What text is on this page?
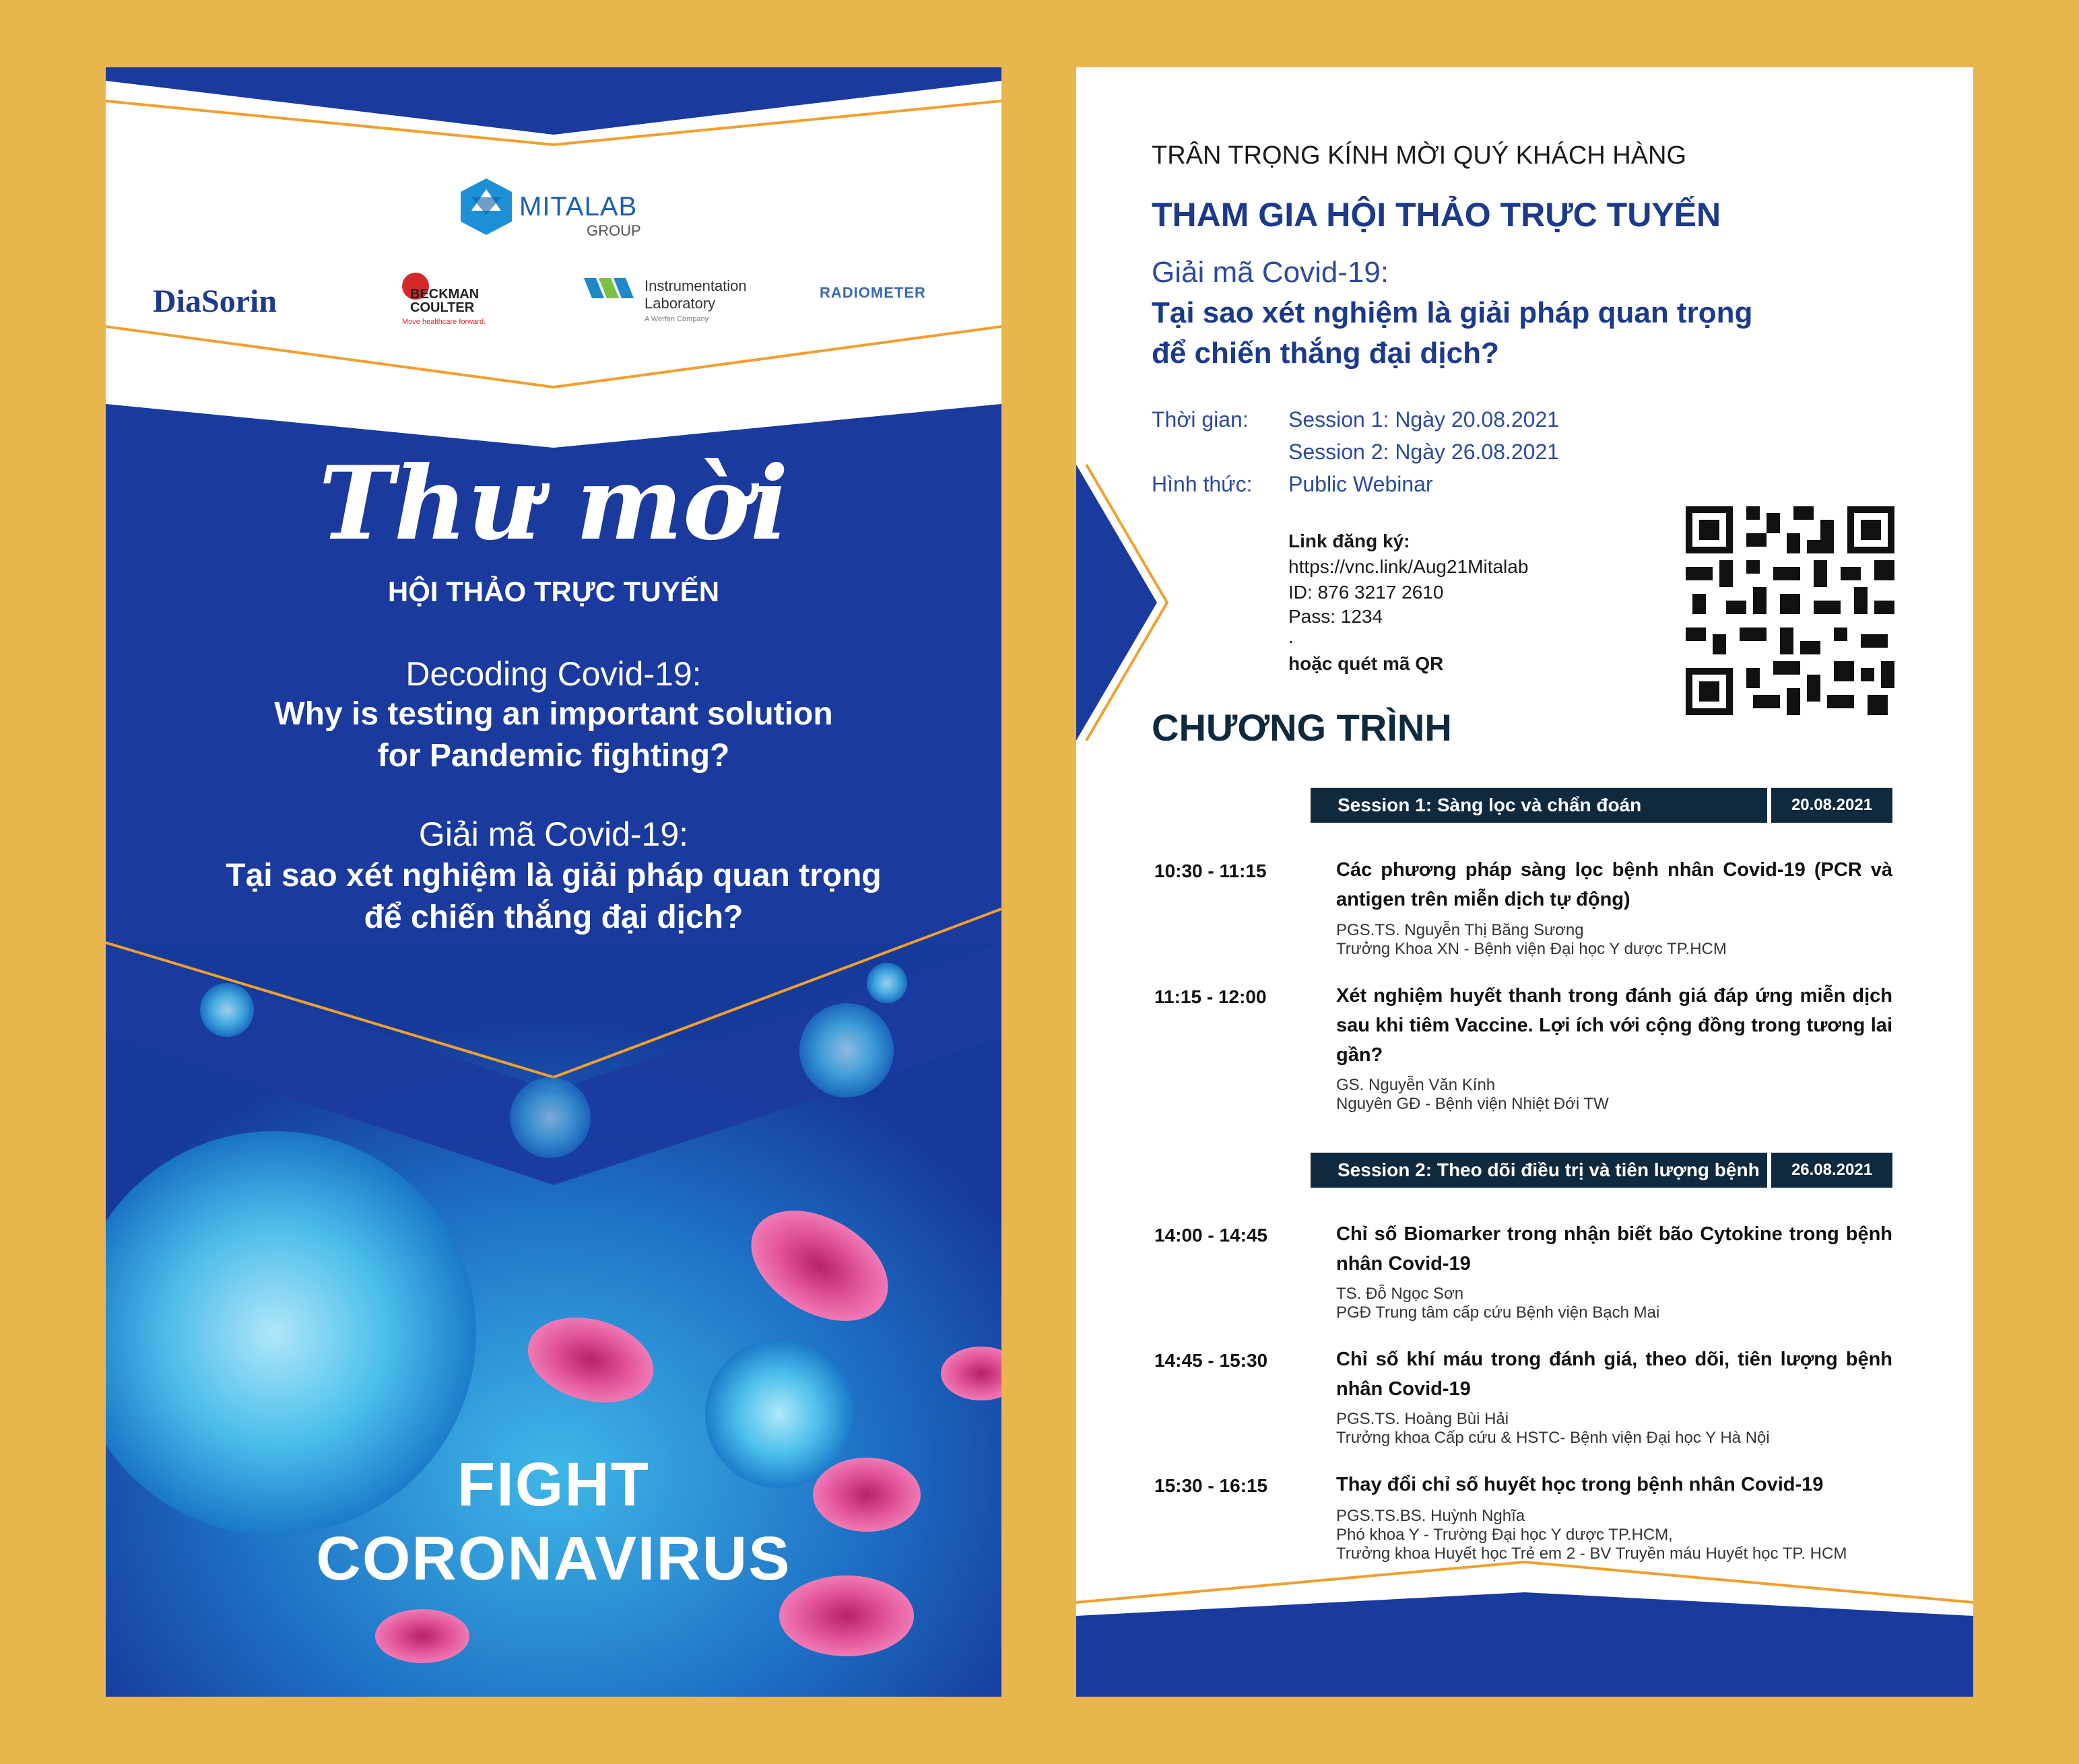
MITALAB
GROUP
DiaSorin	BECKMAN COULTER
Move healthcare forward.
Instrumentation Laboratory
A Werfen Company
RADIOMETER
Thư mời
HỘI THẢO TRỰC TUYẾN
Decoding Covid-19:
Why is testing an important solution
for Pandemic fighting?
Giải mã Covid-19:
Tại sao xét nghiệm là giải pháp quan trọng
để chiến thắng đại dịch?
FIGHT
CORONAVIRUS
TRÂN TRỌNG KÍNH MỜI QUÝ KHÁCH HÀNG
THAM GIA HỘI THẢO TRỰC TUYẾN
Giải mã Covid-19:
Tại sao xét nghiệm là giải pháp quan trọng
để chiến thắng đại dịch?
Thời gian: Session 1: Ngày 20.08.2021
Session 2: Ngày 26.08.2021
Hình thức: Public Webinar
Link đăng ký:
https://vnc.link/Aug21Mitalab
ID: 876 3217 2610
Pass: 1234
.
hoặc quét mã QR
CHƯƠNG TRÌNH
Session 1: Sàng lọc và chẩn đoán	20.08.2021
10:30 - 11:15	Các phương pháp sàng lọc bệnh nhân Covid-19 (PCR và antigen trên miễn dịch tự động)
PGS.TS. Nguyễn Thị Băng Sương
Trưởng Khoa XN - Bệnh viện Đại học Y dược TP.HCM
11:15 - 12:00	Xét nghiệm huyết thanh trong đánh giá đáp ứng miễn dịch sau khi tiêm Vaccine. Lợi ích với cộng đồng trong tương lai gần?
GS. Nguyễn Văn Kính
Nguyên GĐ - Bệnh viện Nhiệt Đới TW
Session 2: Theo dõi điều trị và tiên lượng bệnh	26.08.2021
14:00 - 14:45	Chỉ số Biomarker trong nhận biết bão Cytokine trong bệnh nhân Covid-19
TS. Đỗ Ngọc Sơn
PGĐ Trung tâm cấp cứu Bệnh viện Bạch Mai
14:45 - 15:30	Chỉ số khí máu trong đánh giá, theo dõi, tiên lượng bệnh nhân Covid-19
PGS.TS. Hoàng Bùi Hải
Trưởng khoa Cấp cứu & HSTC- Bệnh viện Đại học Y Hà Nội
15:30 - 16:15	Thay đổi chỉ số huyết học trong bệnh nhân Covid-19
PGS.TS.BS. Huỳnh Nghĩa
Phó khoa Y - Trường Đại học Y dược TP.HCM,
Trưởng khoa Huyết học Trẻ em 2 - BV Truyền máu Huyết học TP. HCM
